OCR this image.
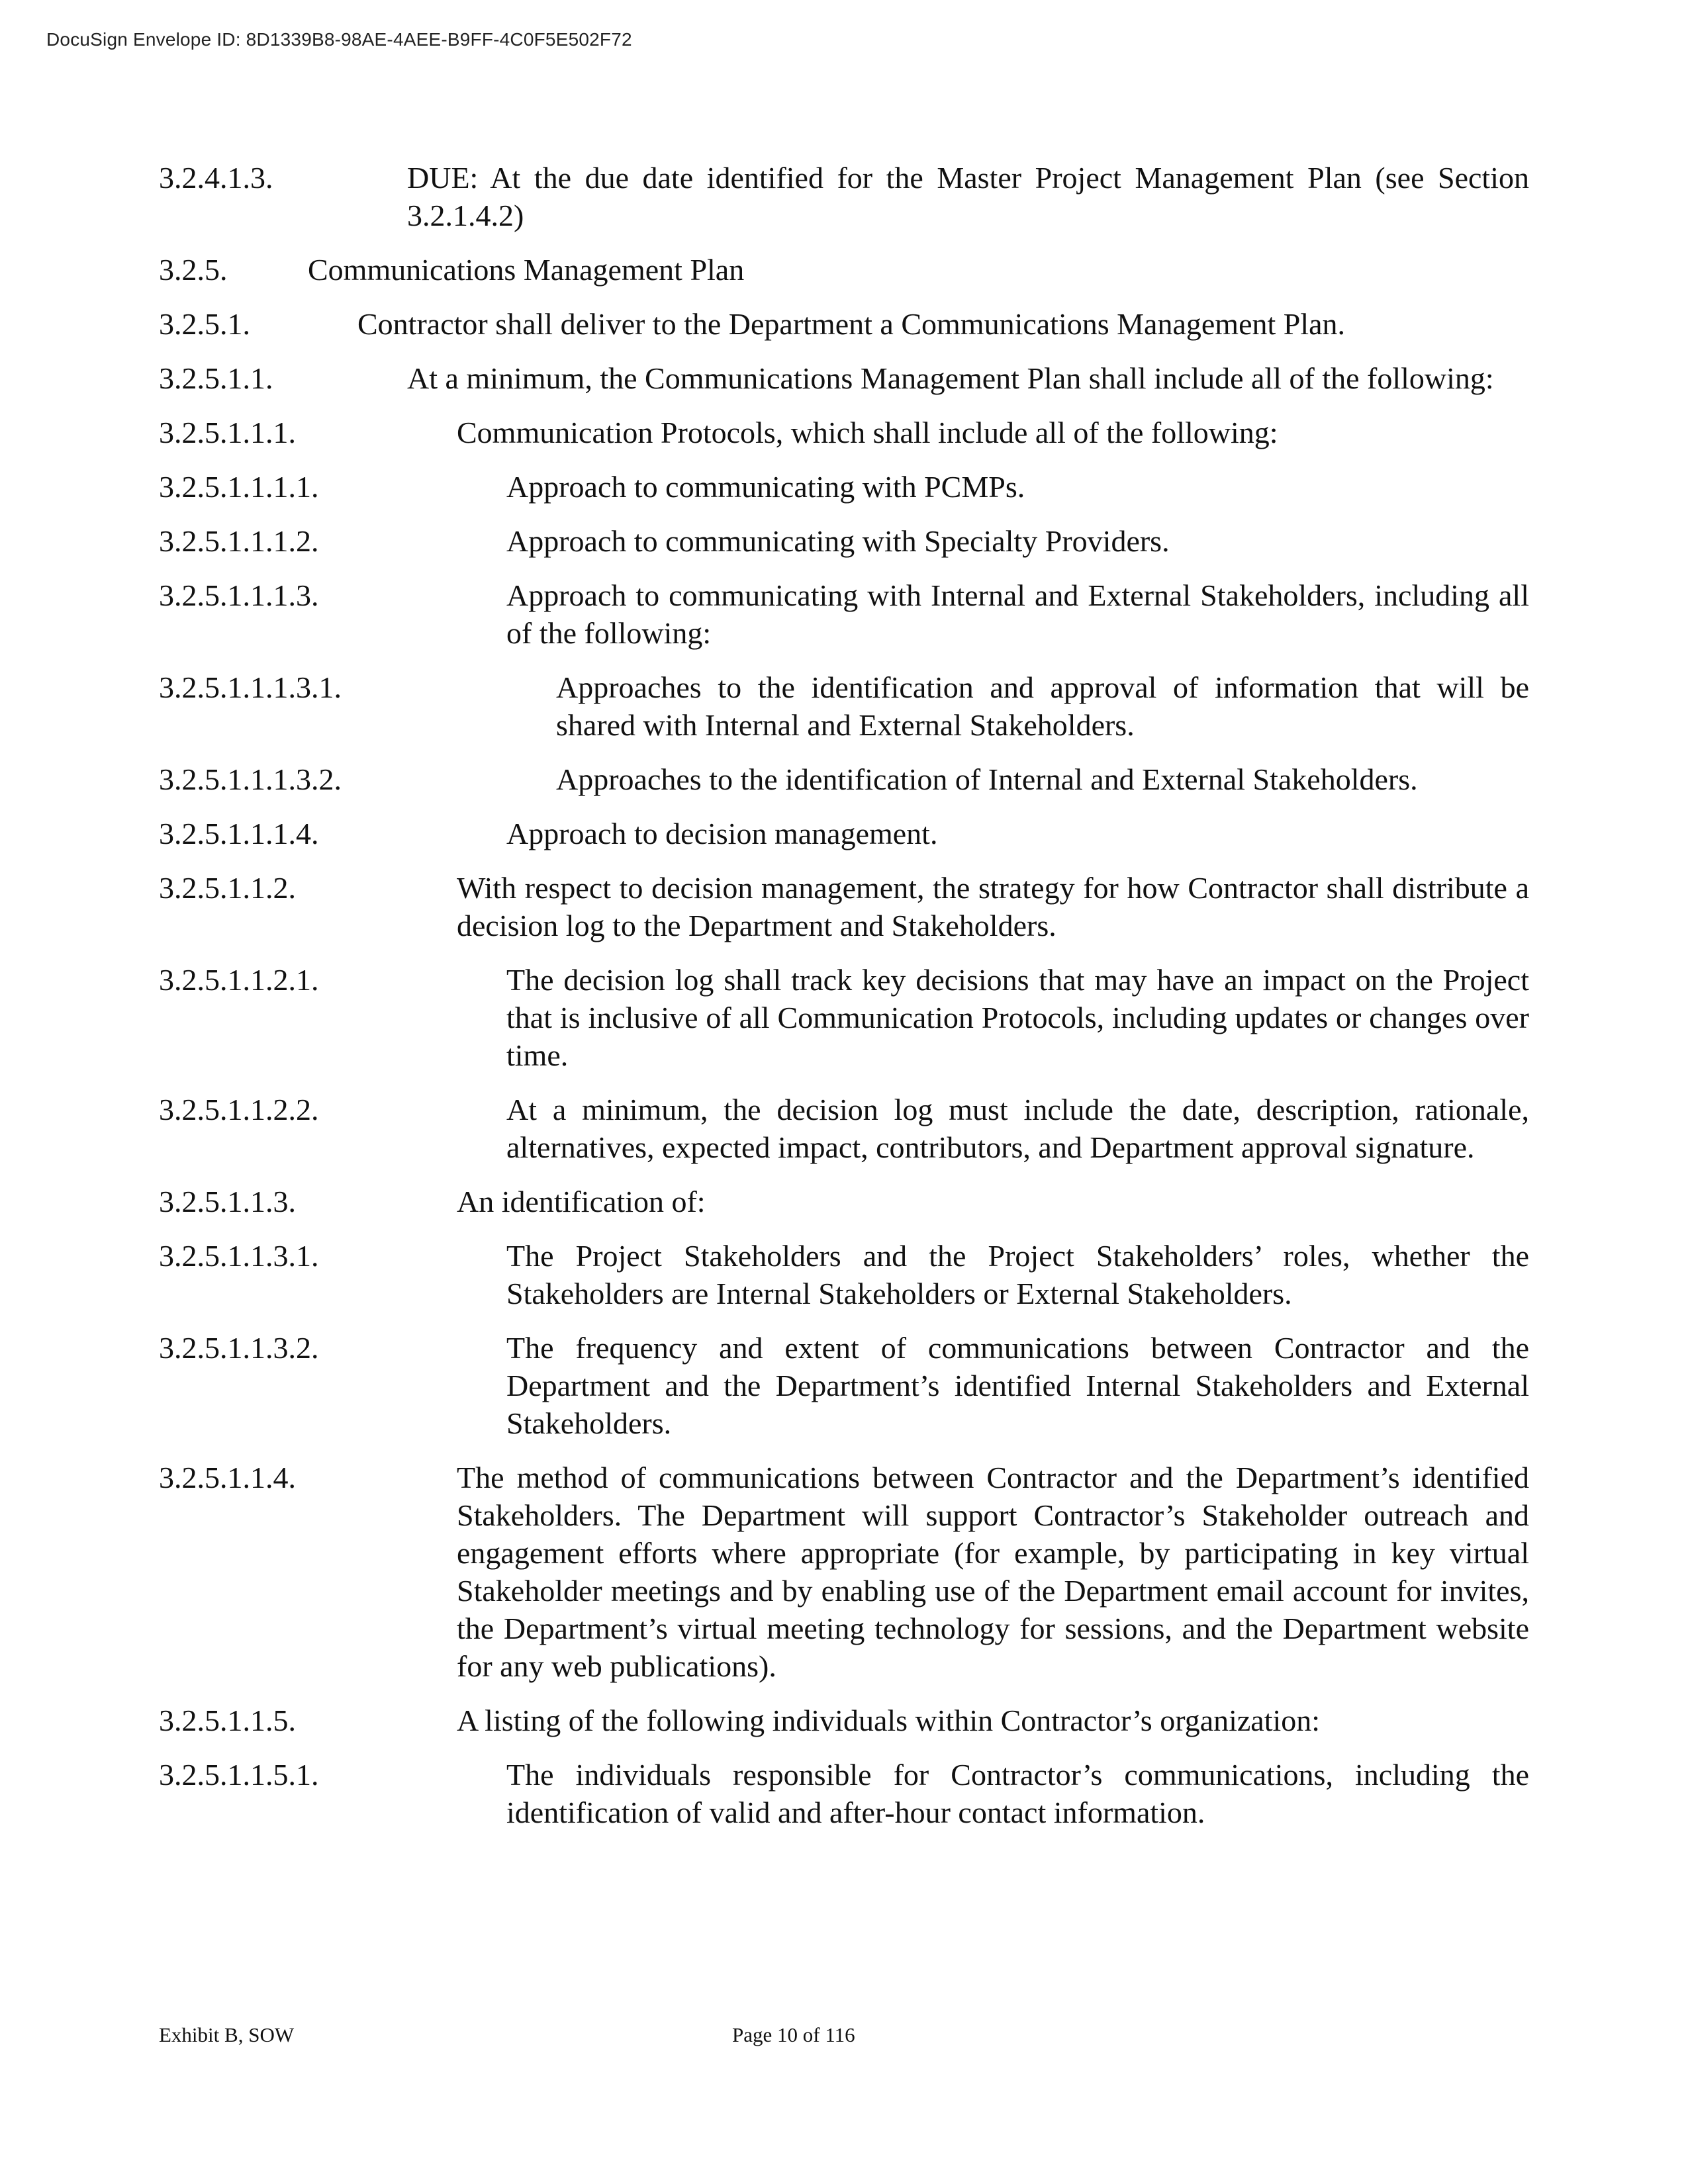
DocuSign Envelope ID: 8D1339B8-98AE-4AEE-B9FF-4C0F5E502F72
3.2.4.1.3.	DUE: At the due date identified for the Master Project Management Plan (see Section 3.2.1.4.2)
3.2.5.	Communications Management Plan
3.2.5.1.	Contractor shall deliver to the Department a Communications Management Plan.
3.2.5.1.1.	At a minimum, the Communications Management Plan shall include all of the following:
3.2.5.1.1.1.	Communication Protocols, which shall include all of the following:
3.2.5.1.1.1.1.	Approach to communicating with PCMPs.
3.2.5.1.1.1.2.	Approach to communicating with Specialty Providers.
3.2.5.1.1.1.3.	Approach to communicating with Internal and External Stakeholders, including all of the following:
3.2.5.1.1.1.3.1.	Approaches to the identification and approval of information that will be shared with Internal and External Stakeholders.
3.2.5.1.1.1.3.2.	Approaches to the identification of Internal and External Stakeholders.
3.2.5.1.1.1.4.	Approach to decision management.
3.2.5.1.1.2.	With respect to decision management, the strategy for how Contractor shall distribute a decision log to the Department and Stakeholders.
3.2.5.1.1.2.1.	The decision log shall track key decisions that may have an impact on the Project that is inclusive of all Communication Protocols, including updates or changes over time.
3.2.5.1.1.2.2.	At a minimum, the decision log must include the date, description, rationale, alternatives, expected impact, contributors, and Department approval signature.
3.2.5.1.1.3.	An identification of:
3.2.5.1.1.3.1.	The Project Stakeholders and the Project Stakeholders’ roles, whether the Stakeholders are Internal Stakeholders or External Stakeholders.
3.2.5.1.1.3.2.	The frequency and extent of communications between Contractor and the Department and the Department’s identified Internal Stakeholders and External Stakeholders.
3.2.5.1.1.4.	The method of communications between Contractor and the Department’s identified Stakeholders. The Department will support Contractor’s Stakeholder outreach and engagement efforts where appropriate (for example, by participating in key virtual Stakeholder meetings and by enabling use of the Department email account for invites, the Department’s virtual meeting technology for sessions, and the Department website for any web publications).
3.2.5.1.1.5.	A listing of the following individuals within Contractor’s organization:
3.2.5.1.1.5.1.	The individuals responsible for Contractor’s communications, including the identification of valid and after-hour contact information.
Exhibit B, SOW	Page 10 of 116
